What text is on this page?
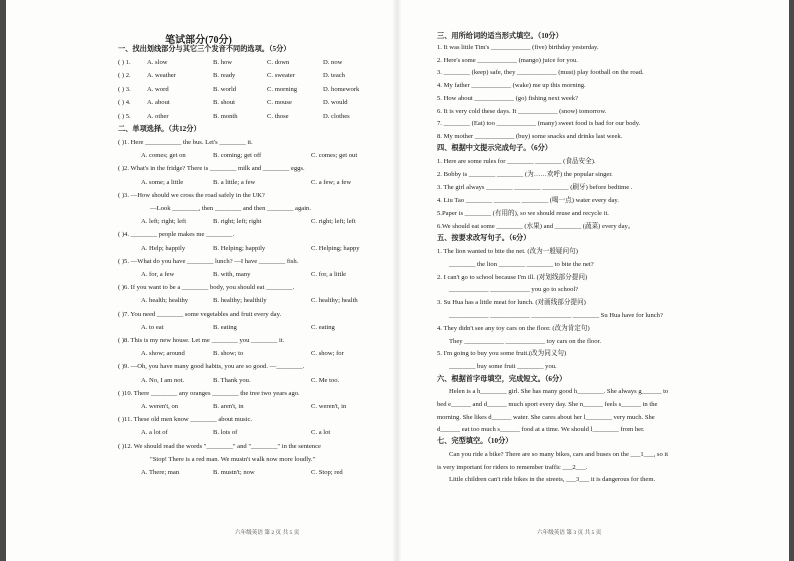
笔试部分(70分)
一、找出划线部分与其它三个发音不同的选项。（5分）
( ) 1. A. slow	B. how	C. down	D. now
( ) 2. A. weather	B. ready	C. sweater	D. teach
( ) 3. A. word	B. world	C. morning	D. homework
( ) 4. A. about	B. shout	C. mouse	D. would
( ) 5. A. other	B. month	C. those	D. clothes
二、单项选择。（共12分）
( )1. Here ___________ the bus. Let's ________ it.
A. comes; get on	B. coming; get off	C. comes; get out
( )2. What's in the fridge? There is ________ milk and ________ eggs.
A. some; a little	B. a little; a few	C. a few; a few
( )3. —How should we cross the road safely in the UK?
—Look ________, then ________ and then ________ again.
A. left; right; left	B. right; left; right	C. right; left; left
( )4. ________ people makes me ________.
A. Help; happily	B. Helping; happily	C. Helping; happy
( )5. —What do you have ________ lunch? —I have ________ fish.
A. for, a few	B. with, many	C. for, a little
( )6. If you want to be a ________ body, you should eat ________.
A. health; healthy	B. healthy; healthily	C. healthy; health
( )7. You need ________ some vegetables and fruit every day.
A. to eat	B. eating	C. eating
( )8. This is my new house. Let me ________ you ________ it.
A. show; around	B. show; to	C. show; for
( )9. —Oh, you have many good habits, you are so good. —________.
A. No, I am not.	B. Thank you.	C. Me too.
( )10. There ________ any oranges ________ the tree two years ago.
A. weren't, on	B. aren't, in	C. weren't, in
( )11. These old men know ________ about music.
A. a lot of	B. lots of	C. a lot
( )12. We should read the words "________" and "________" in the sentence
"Stop! There is a red man. We mustn't walk now more loudly."
A. There; man	B. mustn't; now	C. Stop; red
六年级英语 第 2 页 共 5 页
三、用所给词的适当形式填空。（10分）
1. It was little Tim's ____________ (five) birthday yesterday.
2. Here's some ____________ (mango) juice for you.
3. ________ (keep) safe, they ____________ (must) play football on the road.
4. My father ____________ (wake) me up this morning.
5. How about ____________ (go) fishing next week?
6. It is very cold these days. It ____________ (snow) tomorrow.
7. ________ (Eat) too ____________ (many) sweet food is bad for our body.
8. My mother ____________ (buy) some snacks and drinks last week.
四、根据中文提示完成句子。（6分）
1. Here are some rules for ________ ________ (食品安全).
2. Bobby is ________ ________ (为……欢呼) the popular singer.
3. The girl always ________ ________ ________ (刷牙) before bedtime .
4. Liu Tao ________ ________ ________ (喝一点) water every day.
5.Paper is ________ (有用的), so we should reuse and recycle it.
6.We should eat some ________ (水果) and ________ (蔬菜) every day。
五、按要求改写句子。（6分）
1. The lion wanted to bite the net. (改为一般疑问句)
________ the lion ________ ________ to bite the net?
2. I can't go to school because I'm ill. (对划线部分提问)
____________ ____________ you go to school?
3. Su Hua has a little meat for lunch. (对画线部分提问)
____________ ____________ ____________ ________ Su Hua have for lunch?
4. They didn't see any toy cars on the floor. (改为肯定句)
They ____________ ____________ toy cars on the floor.
5. I'm going to buy you some fruit.(改为同义句)
________ buy some fruit ________ you.
六、根据首字母填空，完成短文。（6分）
Helen is a h________ girl. She has many good h________. She always g______ to
bed e______ and d______ much sport every day. She n______ feels s______ in the
morning. She likes d______ water. She cares about her l________ very much. She
d______ eat too much s______ food at a time. We should l________ from her.
七、完型填空。（10分）
Can you ride a bike? There are so many bikes, cars and buses on the ___1___, so it
is very important for riders to remember traffic ___2___.
Little children can't ride bikes in the streets, ___3___ it is dangerous for them.
六年级英语 第 3 页 共 5 页
